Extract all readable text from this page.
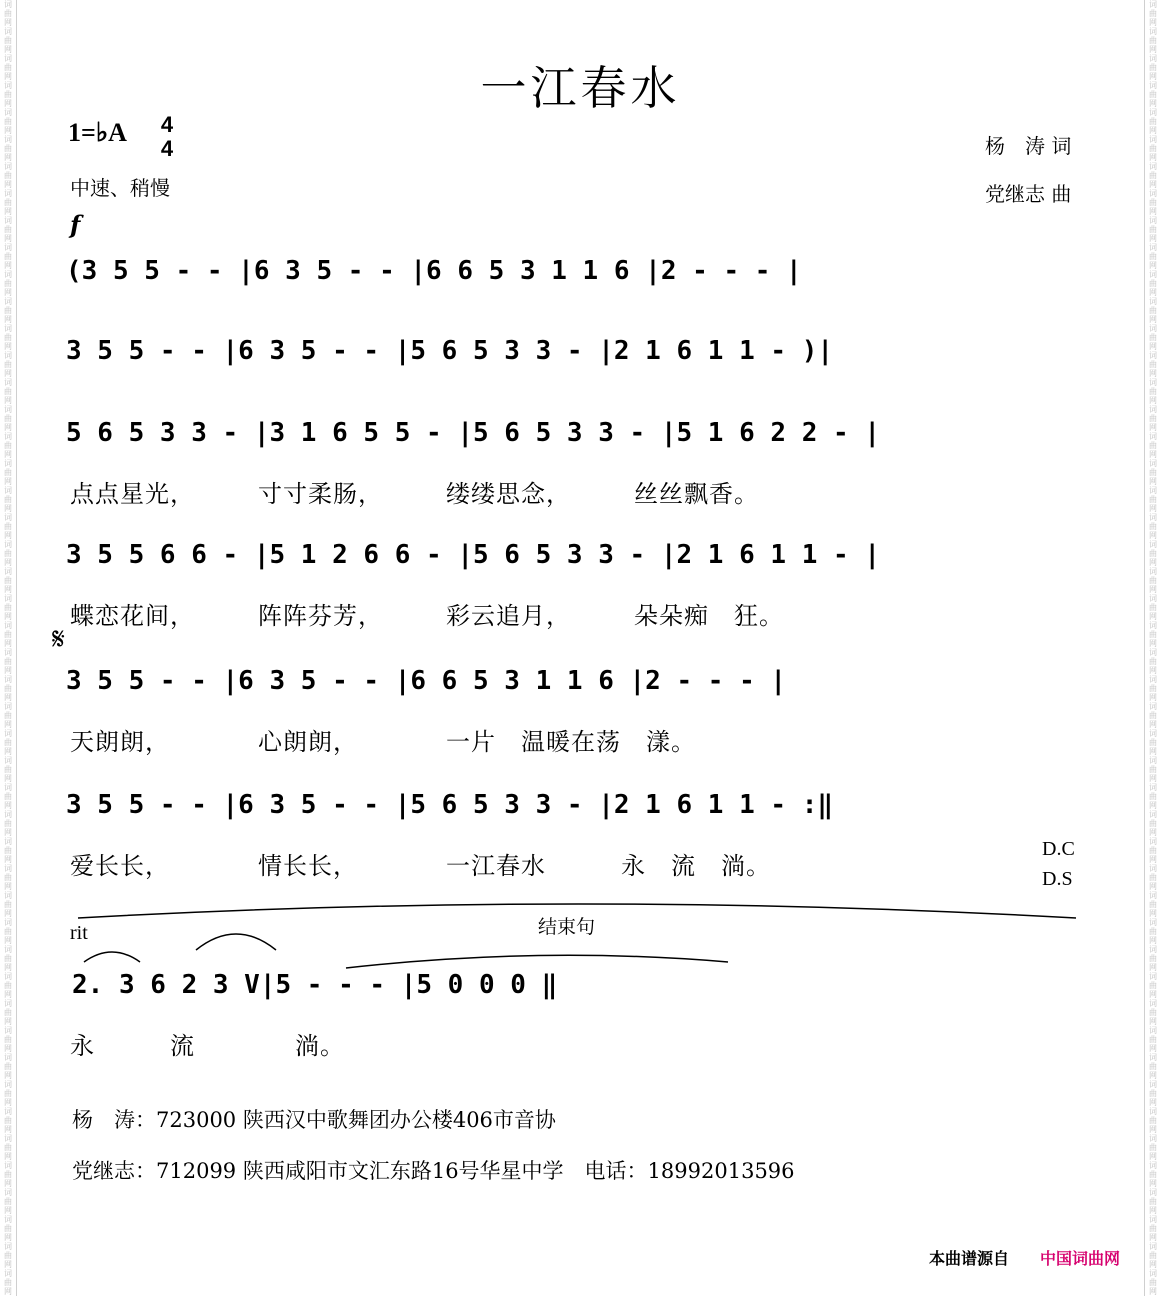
词
曲
网
词
曲
网
词
曲
网
词
曲
网
词
曲
网
词
曲
网
词
曲
网
词
曲
网
词
曲
网
词
曲
网
词
曲
网
词
曲
网
词
曲
网
词
曲
网
词
曲
网
词
曲
网
词
曲
网
词
曲
网
词
曲
网
词
曲
网
词
曲
网
词
曲
网
词
曲
网
词
曲
网
词
曲
网
词
曲
网
词
曲
网
词
曲
网
词
曲
网
词
曲
网
词
曲
网
词
曲
网
词
曲
网
词
曲
网
词
曲
网
词
曲
网
词
曲
网
词
曲
网
词
曲
网
词
曲
网
词
曲
网
词
曲
网
词
曲
网
词
曲
网
词
曲
网
词
曲
网
词
曲
网
词
曲
网
词
曲
网
词
曲
网
词
曲
网
词
曲
网
词
曲
网
词
曲
网
词
曲
网
词
曲
网
词
曲
网
词
曲
网
词
曲
网
词
曲
网
词
曲
网
词
曲
网
词
曲
网
词
曲
网
词
曲
网
词
曲
网
词
曲
网
词
曲
网
词
曲
网
词
曲
网
词
曲
网
词
曲
网
词
曲
网
词
曲
网
词
曲
网
词
曲
网
词
曲
网
词
曲
网
词
曲
网
词
曲
网
词
曲
网
词
曲
网
词
曲
网
词
曲
网
词
曲
网
词
曲
网
词
曲
网
词
曲
网
词
曲
网
词
曲
网
词
曲
网
词
曲
网
词
曲
网
词
曲
网
词
曲
网
词
曲
网
一江春水
1=♭A 4
4
中速、稍慢
杨　涛 词
党继志 曲
f
𝄋
(3 5 5 - - |6 3 5 - - |6 6 5 3 1 1 6 |2 - - - |
3 5 5 - - |6 3 5 - - |5 6 5 3 3 - |2 1 6 1 1 - )|
5 6 5 3 3 - |3 1 6 5 5 - |5 6 5 3 3 - |5 1 6 2 2 - |
点点星光，　　　寸寸柔肠，　　　缕缕思念，　　　丝丝飘香。
3 5 5 6 6 - |5 1 2 6 6 - |5 6 5 3 3 - |2 1 6 1 1 - |
蝶恋花间，　　　阵阵芬芳，　　　彩云追月，　　　朵朵痴　狂。
3 5 5 - - |6 3 5 - - |6 6 5 3 1 1 6 |2 - - - |
天朗朗，　　　　心朗朗，　　　　一片　温暖在荡　漾。
3 5 5 - - |6 3 5 - - |5 6 5 3 3 - |2 1 6 1 1 - :‖
爱长长，　　　　情长长，　　　　一江春水　　　永　流　淌。
D.C
D.S
rit	结束句
2. 3 6 2 3 V|5 - - - |5 0 0 0 ‖
永　　　流　　　　淌。
杨　涛：723000 陕西汉中歌舞团办公楼406市音协
党继志：712099 陕西咸阳市文汇东路16号华星中学　电话：18992013596
本曲谱源自 中国词曲网
